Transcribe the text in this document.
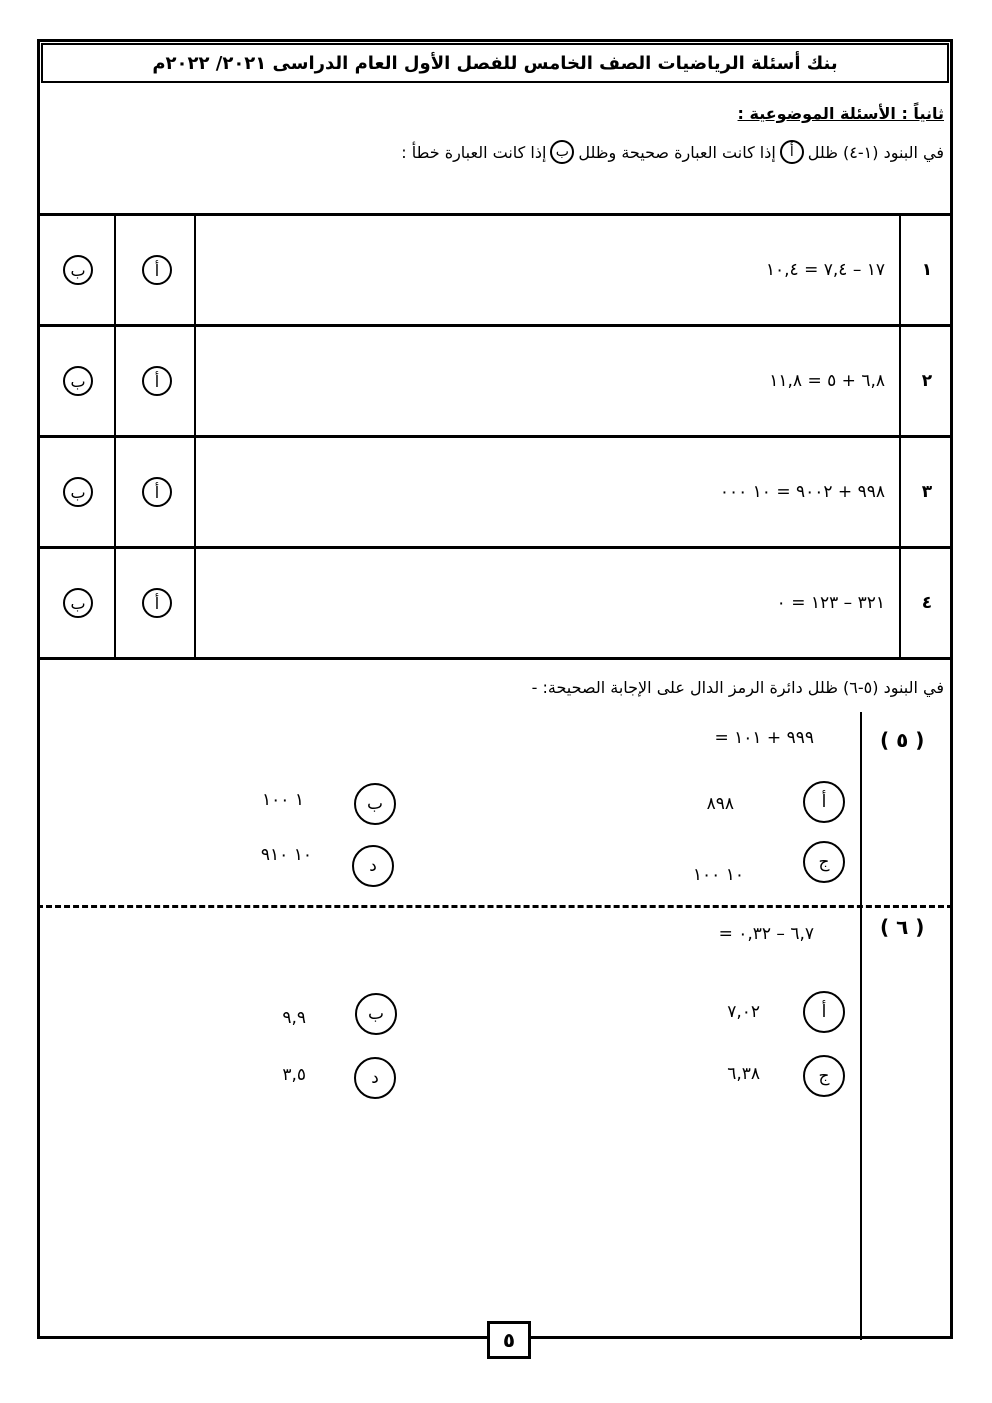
بنك أسئلة الرياضيات الصف الخامس للفصل الأول العام الدراسى ٢٠٢١/ ٢٠٢٢م
ثانياً : الأسئلة الموضوعية :
في البنود (١-٤) ظلل
أ
إذا كانت العبارة صحيحة وظلل
ب
إذا كانت العبارة خطأ :
١
١٧ – ٧,٤ = ١٠,٤
أ
ب
٢
٦,٨ + ٥ = ١١,٨
أ
ب
٣
٩٩٨ + ٩٠٠٢ = ١٠ ٠٠٠
أ
ب
٤
٣٢١ – ١٢٣ = ٠
أ
ب
في البنود (٥-٦) ظلل دائرة الرمز الدال على الإجابة الصحيحة: -
( ٥ )
٩٩٩ + ١٠١ =
أ
٨٩٨
ب
١ ١٠٠
ج
١٠ ١٠٠
د
١٠ ٩١٠
( ٦ )
٦,٧ – ٠,٣٢ =
أ
٧,٠٢
ب
٩,٩
ج
٦,٣٨
د
٣,٥
٥
